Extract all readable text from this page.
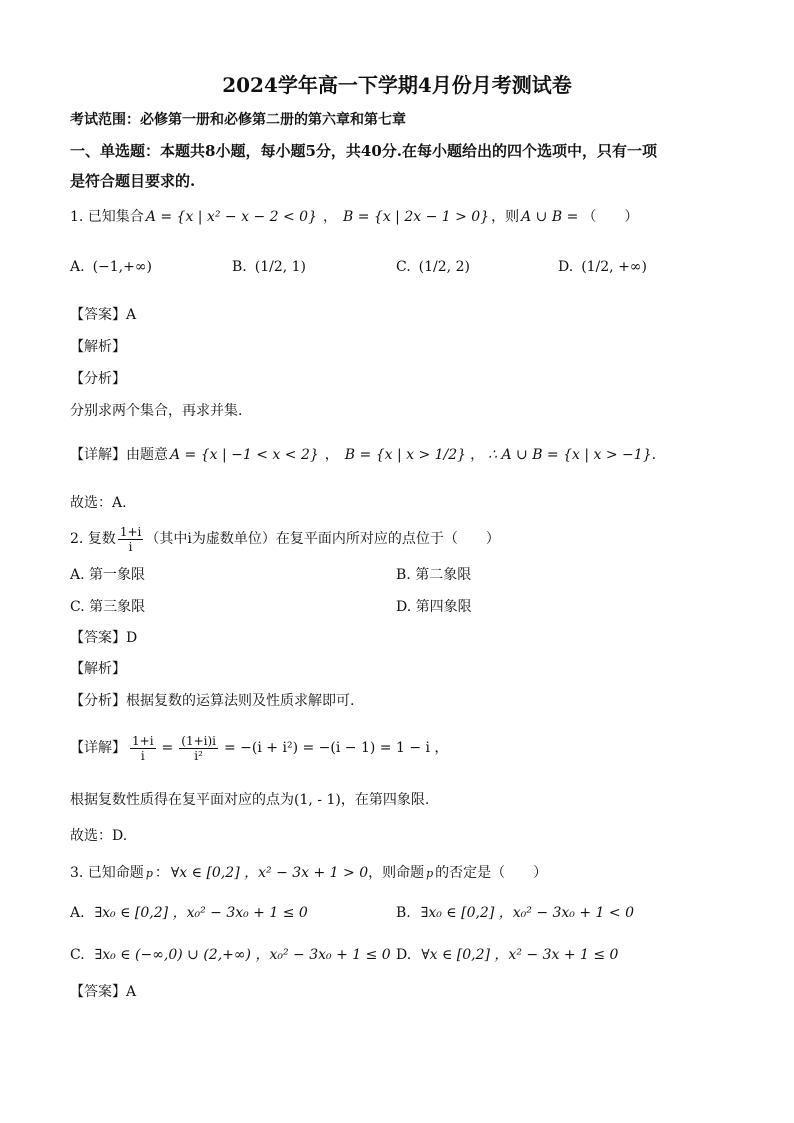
2024学年高一下学期4月份月考测试卷
考试范围：必修第一册和必修第二册的第六章和第七章
一、单选题：本题共8小题，每小题5分，共40分.在每小题给出的四个选项中，只有一项
是符合题目要求的.
1. 已知集合 A = {x | x² − x − 2 < 0} ， B = {x | 2x − 1 > 0} ，则 A ∪ B = （　　）
A. (−1,+∞)	B. (1/2, 1)	C. (1/2, 2)	D. (1/2, +∞)
【答案】A
【解析】
【分析】
分别求两个集合，再求并集.
【详解】 由题意 A = {x | −1 < x < 2} ， B = {x | x > 1/2} ， ∴ A ∪ B = {x | x > −1} .
故选：A.
2. 复数 $\frac{1+i}{i}$ （其中i为虚数单位）在复平面内所对应的点位于（　　）
A. 第一象限	B. 第二象限
C. 第三象限	D. 第四象限
【答案】D
【解析】
【分析】根据复数的运算法则及性质求解即可.
【详解】 $\frac{1+i}{i} = \frac{(1+i)i}{\text{i²}} = -(i + i^2) = -(i - 1) = 1 - i$ ，
根据复数性质得在复平面对应的点为 (1, - 1) ，在第四象限.
故选：D.
3. 已知命题 p ： ∀x ∈ [0,2] ，x² − 3x + 1 > 0 ，则命题 p 的否定是（　　）
A. ∃x₀ ∈ [0,2] ，x₀² − 3x₀ + 1 ≤ 0	B. ∃x₀ ∈ [0,2] ，x₀² − 3x₀ + 1 < 0
C. ∃x₀ ∈ (−∞,0) ∪ (2,+∞) ，x₀² − 3x₀ + 1 ≤ 0 D. ∀x ∈ [0,2] ，x² − 3x + 1 ≤ 0
【答案】A
